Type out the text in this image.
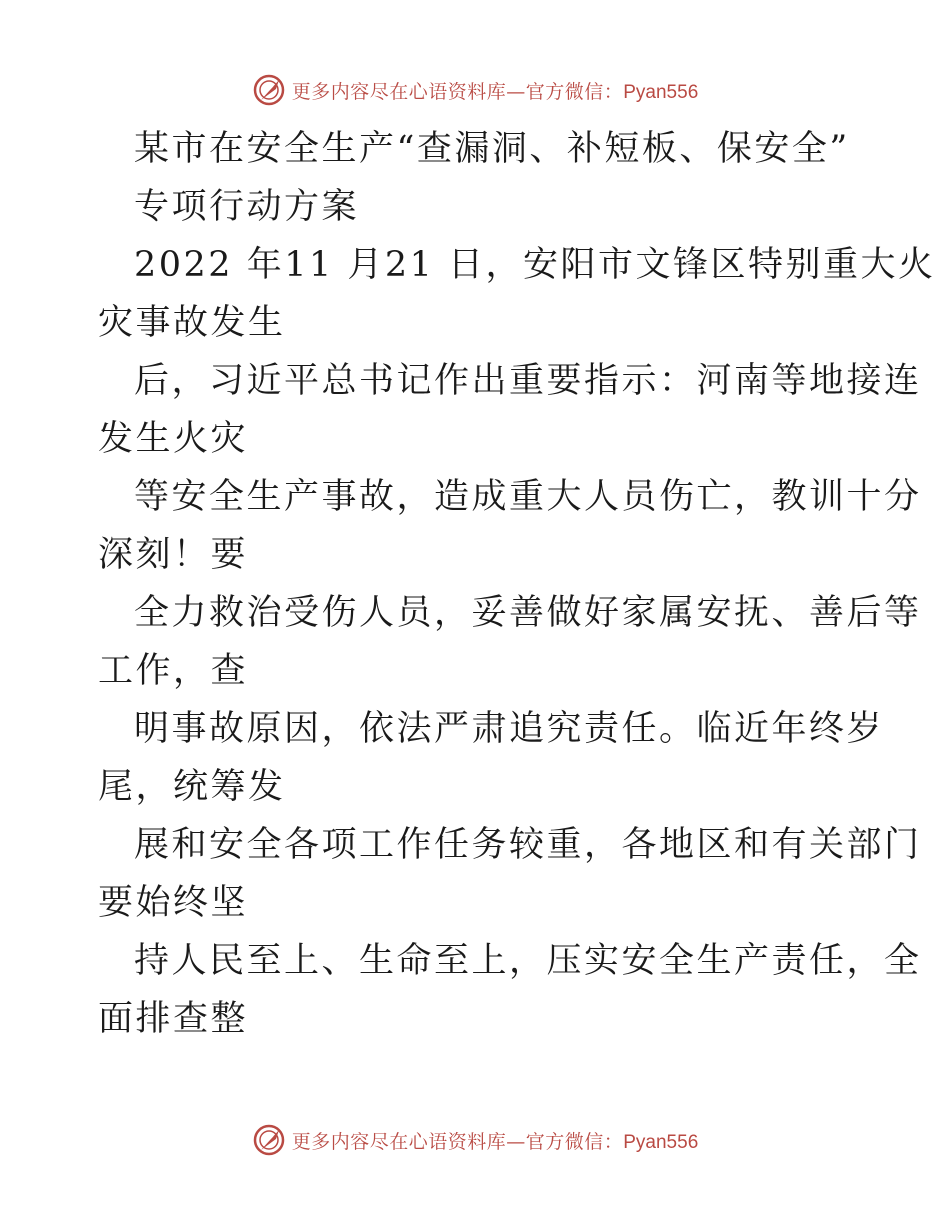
更多内容尽在心语资料库—官方微信：Pyan556
某市在安全生产“查漏洞、补短板、保安全”
专项行动方案
2022 年11 月21 日，安阳市文锋区特别重大火
灾事故发生
后，习近平总书记作出重要指示：河南等地接连
发生火灾
等安全生产事故，造成重大人员伤亡，教训十分
深刻！要
全力救治受伤人员，妥善做好家属安抚、善后等
工作，查
明事故原因，依法严肃追究责任。临近年终岁
尾，统筹发
展和安全各项工作任务较重，各地区和有关部门
要始终坚
持人民至上、生命至上，压实安全生产责任，全
面排查整
更多内容尽在心语资料库—官方微信：Pyan556
